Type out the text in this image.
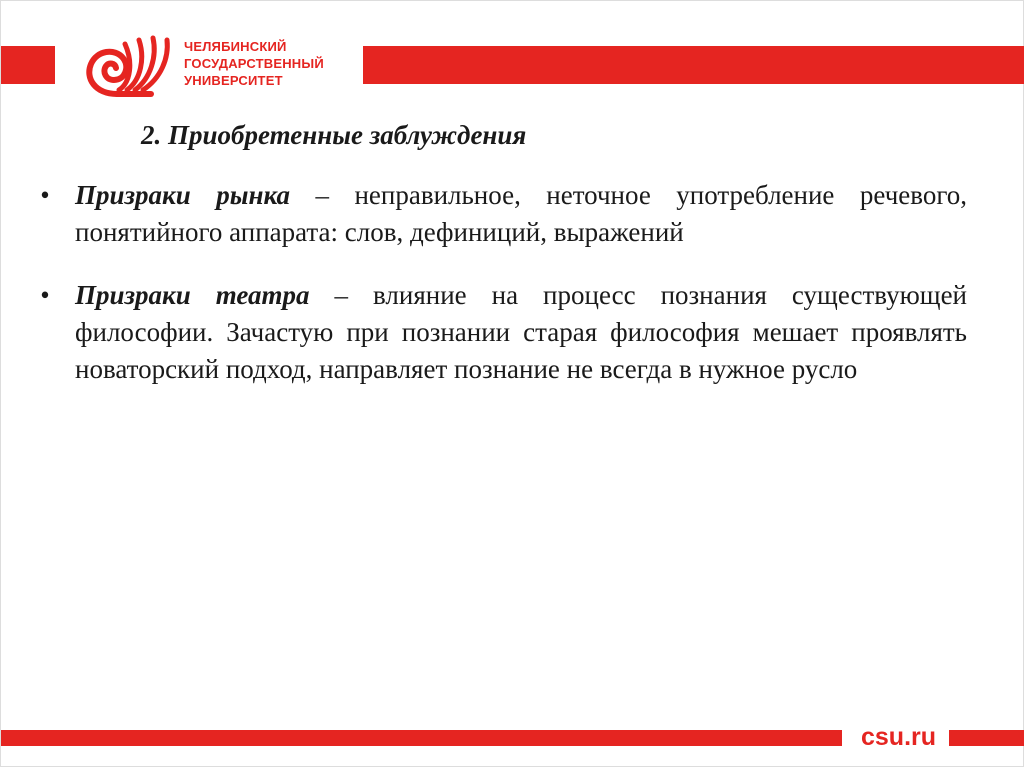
ЧЕЛЯБИНСКИЙ
ГОСУДАРСТВЕННЫЙ
УНИВЕРСИТЕТ
2. Приобретенные заблуждения
• Призраки рынка – неправильное, неточное употребление речевого, понятийного аппарата: слов, дефиниций, выражений
• Призраки театра – влияние на процесс познания существующей философии. Зачастую при познании старая философия мешает проявлять новаторский подход, направляет познание не всегда в нужное русло
csu.ru
